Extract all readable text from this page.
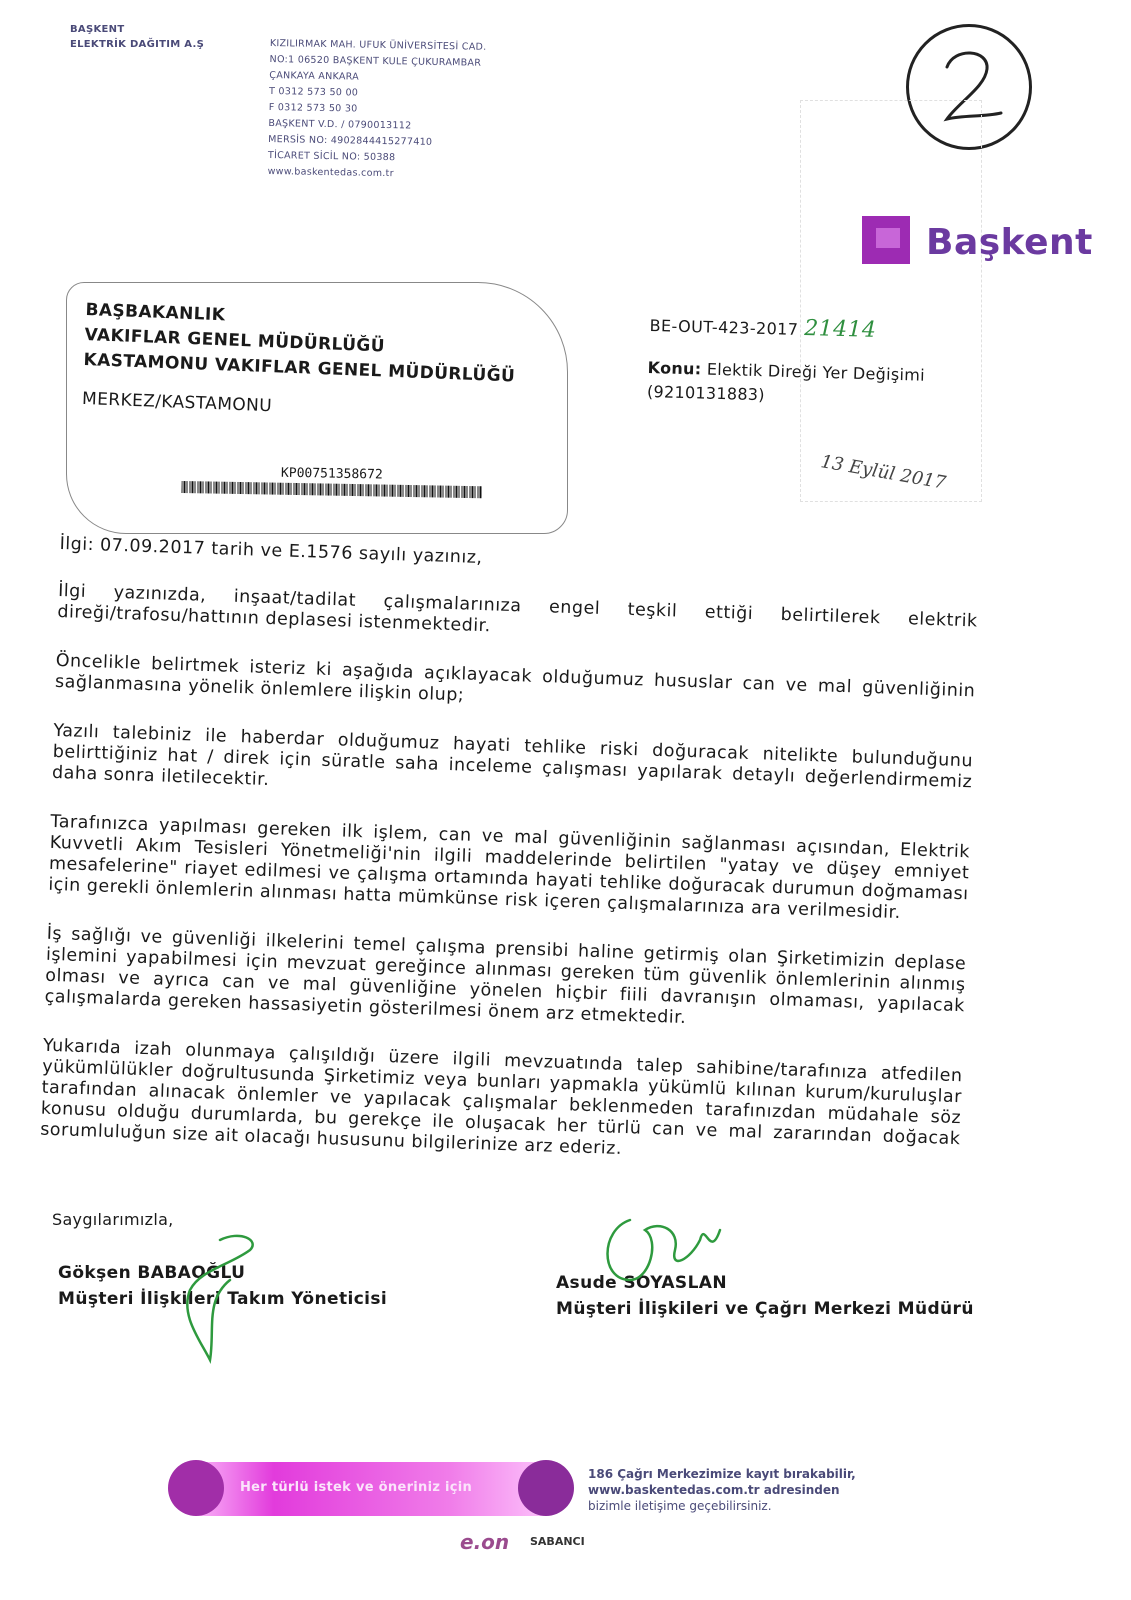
BAŞKENT
ELEKTRİK DAĞITIM A.Ş	KIZILIRMAK MAH. UFUK ÜNİVERSİTESİ CAD.
NO:1 06520 BAŞKENT KULE ÇUKURAMBAR
ÇANKAYA ANKARA
T 0312 573 50 00
F 0312 573 50 30
BAŞKENT V.D. / 0790013112
MERSİS NO: 4902844415277410
TİCARET SİCİL NO: 50388
www.baskentedas.com.tr
Başkent
BAŞBAKANLIK
VAKIFLAR GENEL MÜDÜRLÜĞÜ
KASTAMONU VAKIFLAR GENEL MÜDÜRLÜĞÜ
MERKEZ/KASTAMONU
KP00751358672
BE-OUT-423-2017 21414
Konu: Elektik Direği Yer Değişimi
(9210131883)
13 Eylül 2017

İlgi: 07.09.2017 tarih ve E.1576 sayılı yazınız,

İlgi yazınızda, inşaat/tadilat çalışmalarınıza engel teşkil ettiği belirtilerek elektrik direği/trafosu/hattının deplasesi istenmektedir.

Öncelikle belirtmek isteriz ki aşağıda açıklayacak olduğumuz hususlar can ve mal güvenliğinin sağlanmasına yönelik önlemlere ilişkin olup;

Yazılı talebiniz ile haberdar olduğumuz hayati tehlike riski doğuracak nitelikte bulunduğunu belirttiğiniz hat / direk için süratle saha inceleme çalışması yapılarak detaylı değerlendirmemiz daha sonra iletilecektir.

Tarafınızca yapılması gereken ilk işlem, can ve mal güvenliğinin sağlanması açısından, Elektrik Kuvvetli Akım Tesisleri Yönetmeliği'nin ilgili maddelerinde belirtilen "yatay ve düşey emniyet mesafelerine" riayet edilmesi ve çalışma ortamında hayati tehlike doğuracak durumun doğmaması için gerekli önlemlerin alınması hatta mümkünse risk içeren çalışmalarınıza ara verilmesidir.

İş sağlığı ve güvenliği ilkelerini temel çalışma prensibi haline getirmiş olan Şirketimizin deplase işlemini yapabilmesi için mevzuat gereğince alınması gereken tüm güvenlik önlemlerinin alınmış olması ve ayrıca can ve mal güvenliğine yönelen hiçbir fiili davranışın olmaması, yapılacak çalışmalarda gereken hassasiyetin gösterilmesi önem arz etmektedir.

Yukarıda izah olunmaya çalışıldığı üzere ilgili mevzuatında talep sahibine/tarafınıza atfedilen yükümlülükler doğrultusunda Şirketimiz veya bunları yapmakla yükümlü kılınan kurum/kuruluşlar tarafından alınacak önlemler ve yapılacak çalışmalar beklenmeden tarafınızdan müdahale söz konusu olduğu durumlarda, bu gerekçe ile oluşacak her türlü can ve mal zararından doğacak sorumluluğun size ait olacağı hususunu bilgilerinize arz ederiz.

Saygılarımızla,
Gökşen BABAOĞLU
Müşteri İlişkileri Takım Yöneticisi
Asude SOYASLAN
Müşteri İlişkileri ve Çağrı Merkezi Müdürü
Her türlü istek ve öneriniz için
186 Çağrı Merkezimize kayıt bırakabilir,
www.baskentedas.com.tr adresinden
bizimle iletişime geçebilirsiniz.
e.on SABANCI
